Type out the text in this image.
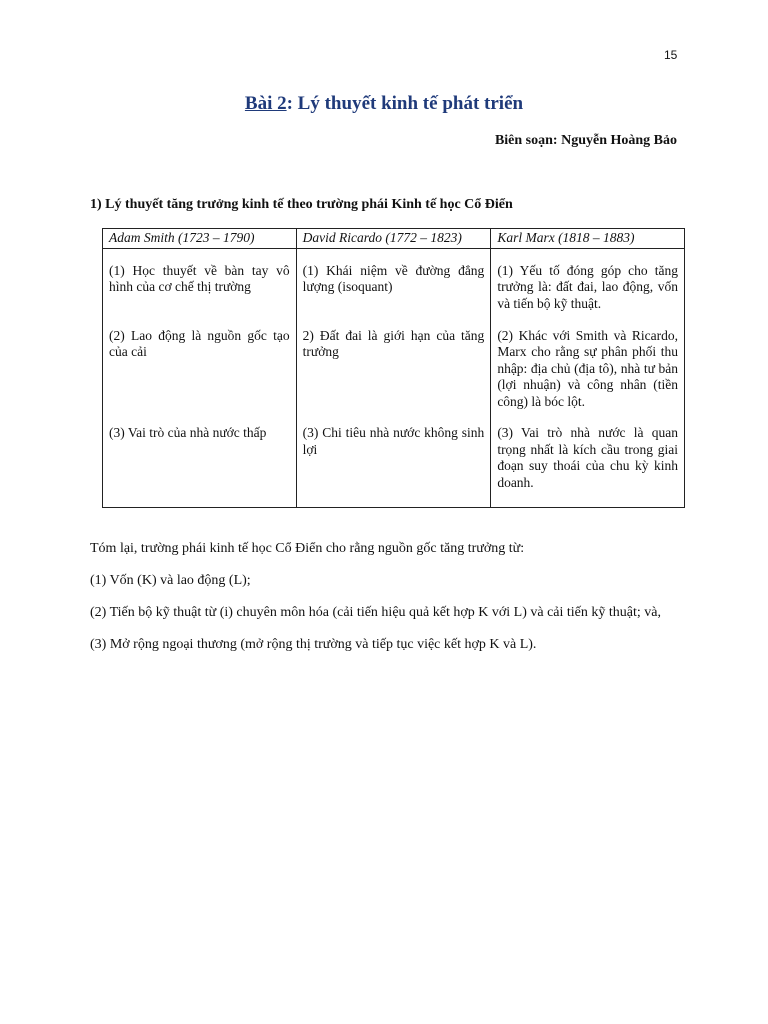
15
Bài 2: Lý thuyết kinh tế phát triển
Biên soạn: Nguyễn Hoàng Bảo
1) Lý thuyết tăng trưởng kinh tế theo trường phái Kinh tế học Cổ Điển
Adam Smith (1723 – 1790)	David Ricardo (1772 – 1823)	Karl Marx (1818 – 1883)

(1) Học thuyết về bàn tay vô hình của cơ chế thị trường	(1) Khái niệm về đường đẳng lượng (isoquant)	(1) Yếu tố đóng góp cho tăng trưởng là: đất đai, lao động, vốn và tiến bộ kỹ thuật.

(2) Lao động là nguồn gốc tạo của cải	2) Đất đai là giới hạn của tăng trưởng	(2) Khác với Smith và Ricardo, Marx cho rằng sự phân phối thu nhập: địa chủ (địa tô), nhà tư bản (lợi nhuận) và công nhân (tiền công) là bóc lột.

(3) Vai trò của nhà nước thấp	(3) Chi tiêu nhà nước không sinh lợi	(3) Vai trò nhà nước là quan trọng nhất là kích cầu trong giai đoạn suy thoái của chu kỳ kinh doanh.

Tóm lại, trường phái kinh tế học Cổ Điển cho rằng nguồn gốc tăng trưởng từ:
(1) Vốn (K) và lao động (L);
(2) Tiến bộ kỹ thuật từ (i) chuyên môn hóa (cải tiến hiệu quả kết hợp K với L) và cải tiến kỹ thuật; và,
(3) Mở rộng ngoại thương (mở rộng thị trường và tiếp tục việc kết hợp K và L).
